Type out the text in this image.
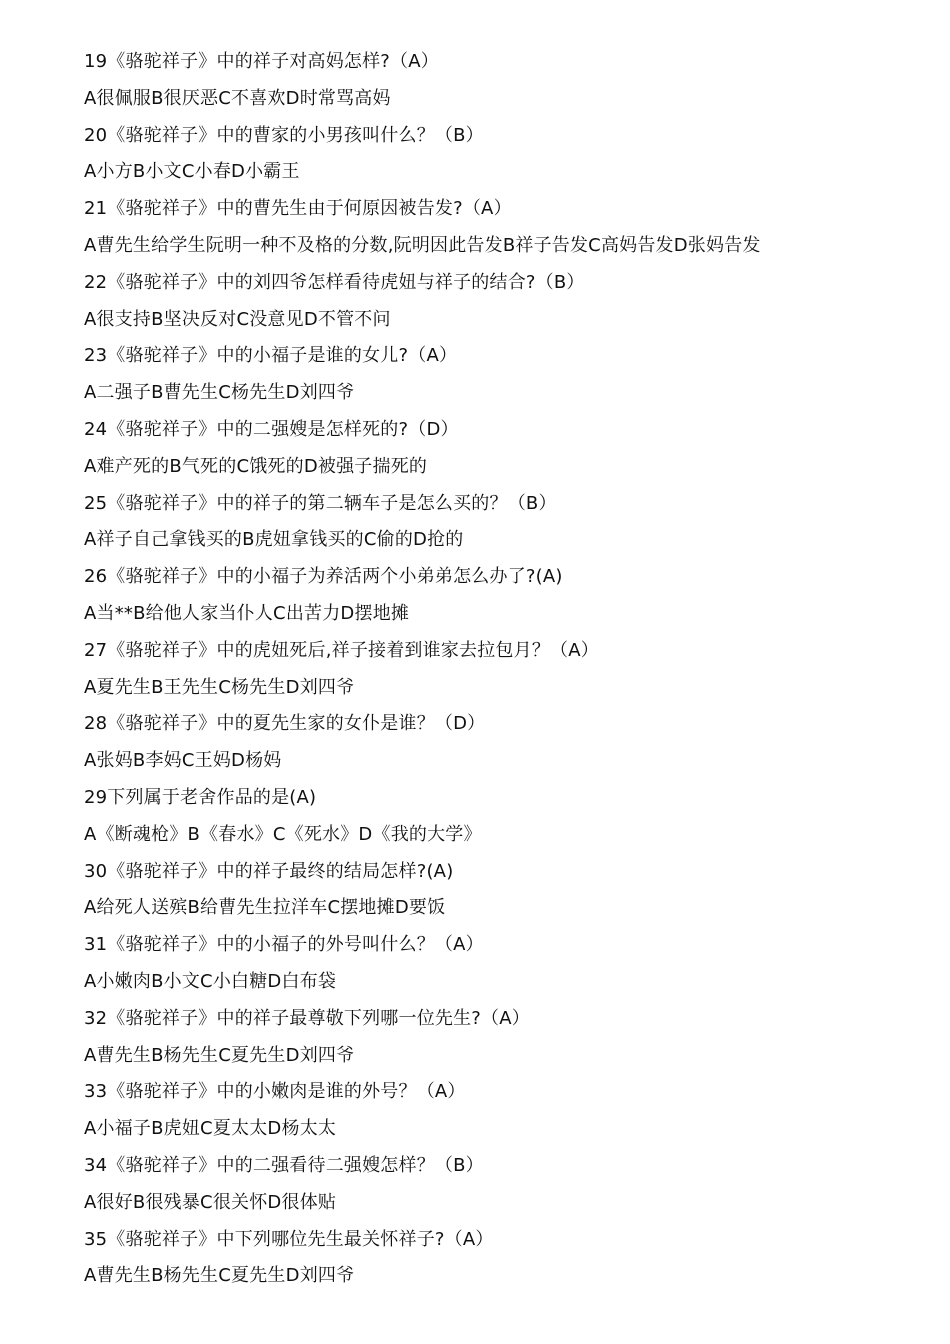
19《骆驼祥子》中的祥子对高妈怎样?（A）
A很佩服B很厌恶C不喜欢D时常骂高妈
20《骆驼祥子》中的曹家的小男孩叫什么？（B）
A小方B小文C小春D小霸王
21《骆驼祥子》中的曹先生由于何原因被告发?（A）
A曹先生给学生阮明一种不及格的分数,阮明因此告发B祥子告发C高妈告发D张妈告发
22《骆驼祥子》中的刘四爷怎样看待虎妞与祥子的结合?（B）
A很支持B坚决反对C没意见D不管不问
23《骆驼祥子》中的小福子是谁的女儿?（A）
A二强子B曹先生C杨先生D刘四爷
24《骆驼祥子》中的二强嫂是怎样死的?（D）
A难产死的B气死的C饿死的D被强子揣死的
25《骆驼祥子》中的祥子的第二辆车子是怎么买的？（B）
A祥子自己拿钱买的B虎妞拿钱买的C偷的D抢的
26《骆驼祥子》中的小福子为养活两个小弟弟怎么办了?(A)
A当**B给他人家当仆人C出苦力D摆地摊
27《骆驼祥子》中的虎妞死后,祥子接着到谁家去拉包月？（A）
A夏先生B王先生C杨先生D刘四爷
28《骆驼祥子》中的夏先生家的女仆是谁？（D）
A张妈B李妈C王妈D杨妈
29下列属于老舍作品的是(A)
A《断魂枪》B《春水》C《死水》D《我的大学》
30《骆驼祥子》中的祥子最终的结局怎样?(A)
A给死人送殡B给曹先生拉洋车C摆地摊D要饭
31《骆驼祥子》中的小福子的外号叫什么？（A）
A小嫩肉B小文C小白糖D白布袋
32《骆驼祥子》中的祥子最尊敬下列哪一位先生?（A）
A曹先生B杨先生C夏先生D刘四爷
33《骆驼祥子》中的小嫩肉是谁的外号？（A）
A小福子B虎妞C夏太太D杨太太
34《骆驼祥子》中的二强看待二强嫂怎样？（B）
A很好B很残暴C很关怀D很体贴
35《骆驼祥子》中下列哪位先生最关怀祥子?（A）
A曹先生B杨先生C夏先生D刘四爷
